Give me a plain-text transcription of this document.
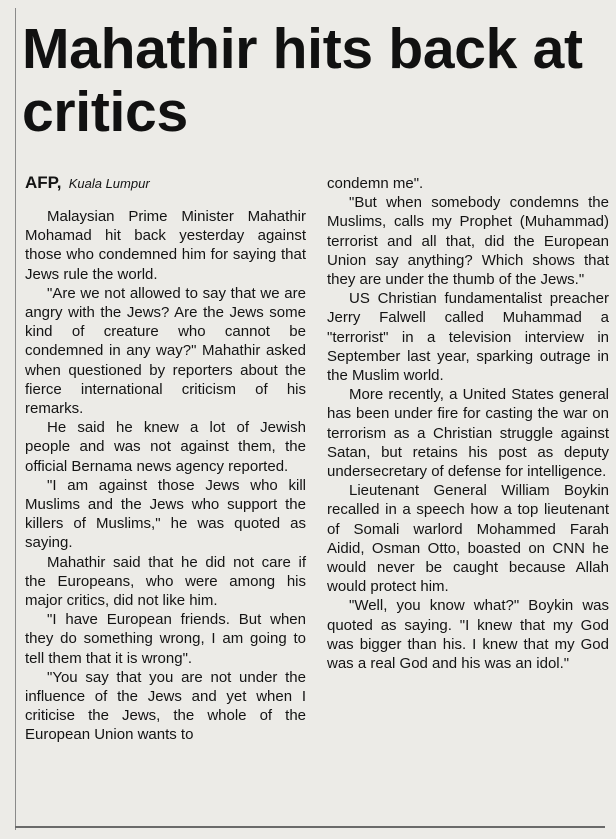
Mahathir hits back at critics
AFP, Kuala Lumpur

Malaysian Prime Minister Mahathir Mohamad hit back yesterday against those who condemned him for saying that Jews rule the world.

"Are we not allowed to say that we are angry with the Jews? Are the Jews some kind of creature who cannot be condemned in any way?" Mahathir asked when questioned by reporters about the fierce international criticism of his remarks.

He said he knew a lot of Jewish people and was not against them, the official Bernama news agency reported.

"I am against those Jews who kill Muslims and the Jews who support the killers of Muslims," he was quoted as saying.

Mahathir said that he did not care if the Europeans, who were among his major critics, did not like him.

"I have European friends. But when they do something wrong, I am going to tell them that it is wrong".

"You say that you are not under the influence of the Jews and yet when I criticise the Jews, the whole of the European Union wants to

condemn me".

"But when somebody condemns the Muslims, calls my Prophet (Muhammad) terrorist and all that, did the European Union say anything? Which shows that they are under the thumb of the Jews."

US Christian fundamentalist preacher Jerry Falwell called Muhammad a "terrorist" in a television interview in September last year, sparking outrage in the Muslim world.

More recently, a United States general has been under fire for casting the war on terrorism as a Christian struggle against Satan, but retains his post as deputy undersecretary of defense for intelligence.

Lieutenant General William Boykin recalled in a speech how a top lieutenant of Somali warlord Mohammed Farah Aidid, Osman Otto, boasted on CNN he would never be caught because Allah would protect him.

"Well, you know what?" Boykin was quoted as saying. "I knew that my God was bigger than his. I knew that my God was a real God and his was an idol."
